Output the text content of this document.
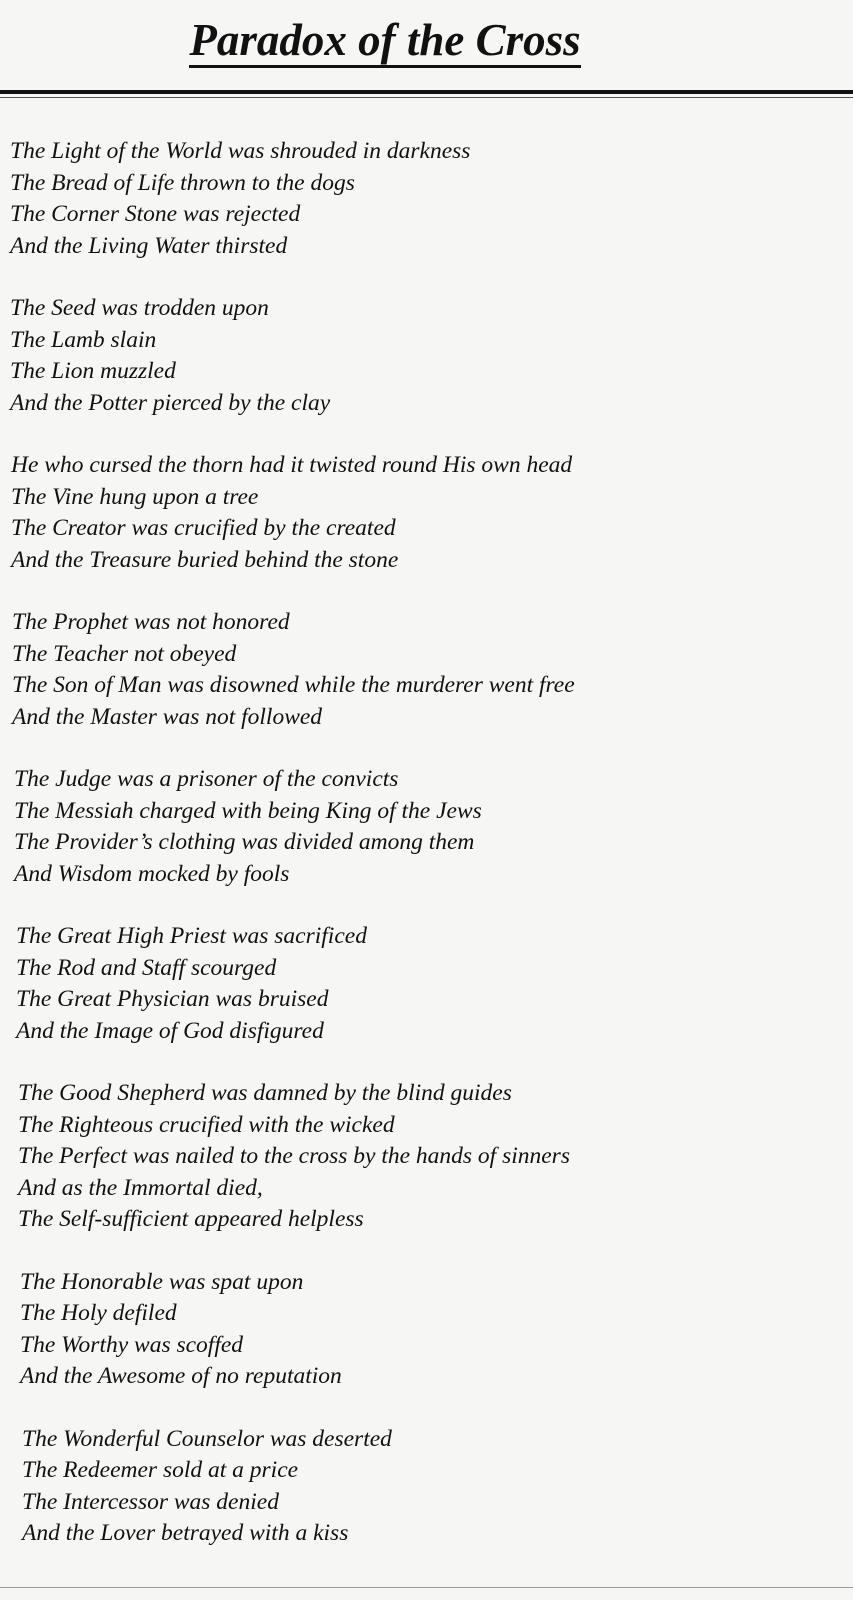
Paradox of the Cross
The Light of the World was shrouded in darkness
The Bread of Life thrown to the dogs
The Corner Stone was rejected
And the Living Water thirsted
The Seed was trodden upon
The Lamb slain
The Lion muzzled
And the Potter pierced by the clay
He who cursed the thorn had it twisted round His own head
The Vine hung upon a tree
The Creator was crucified by the created
And the Treasure buried behind the stone
The Prophet was not honored
The Teacher not obeyed
The Son of Man was disowned while the murderer went free
And the Master was not followed
The Judge was a prisoner of the convicts
The Messiah charged with being King of the Jews
The Provider’s clothing was divided among them
And Wisdom mocked by fools
The Great High Priest was sacrificed
The Rod and Staff scourged
The Great Physician was bruised
And the Image of God disfigured
The Good Shepherd was damned by the blind guides
The Righteous crucified with the wicked
The Perfect was nailed to the cross by the hands of sinners
And as the Immortal died,
The Self-sufficient appeared helpless
The Honorable was spat upon
The Holy defiled
The Worthy was scoffed
And the Awesome of no reputation
The Wonderful Counselor was deserted
The Redeemer sold at a price
The Intercessor was denied
And the Lover betrayed with a kiss
